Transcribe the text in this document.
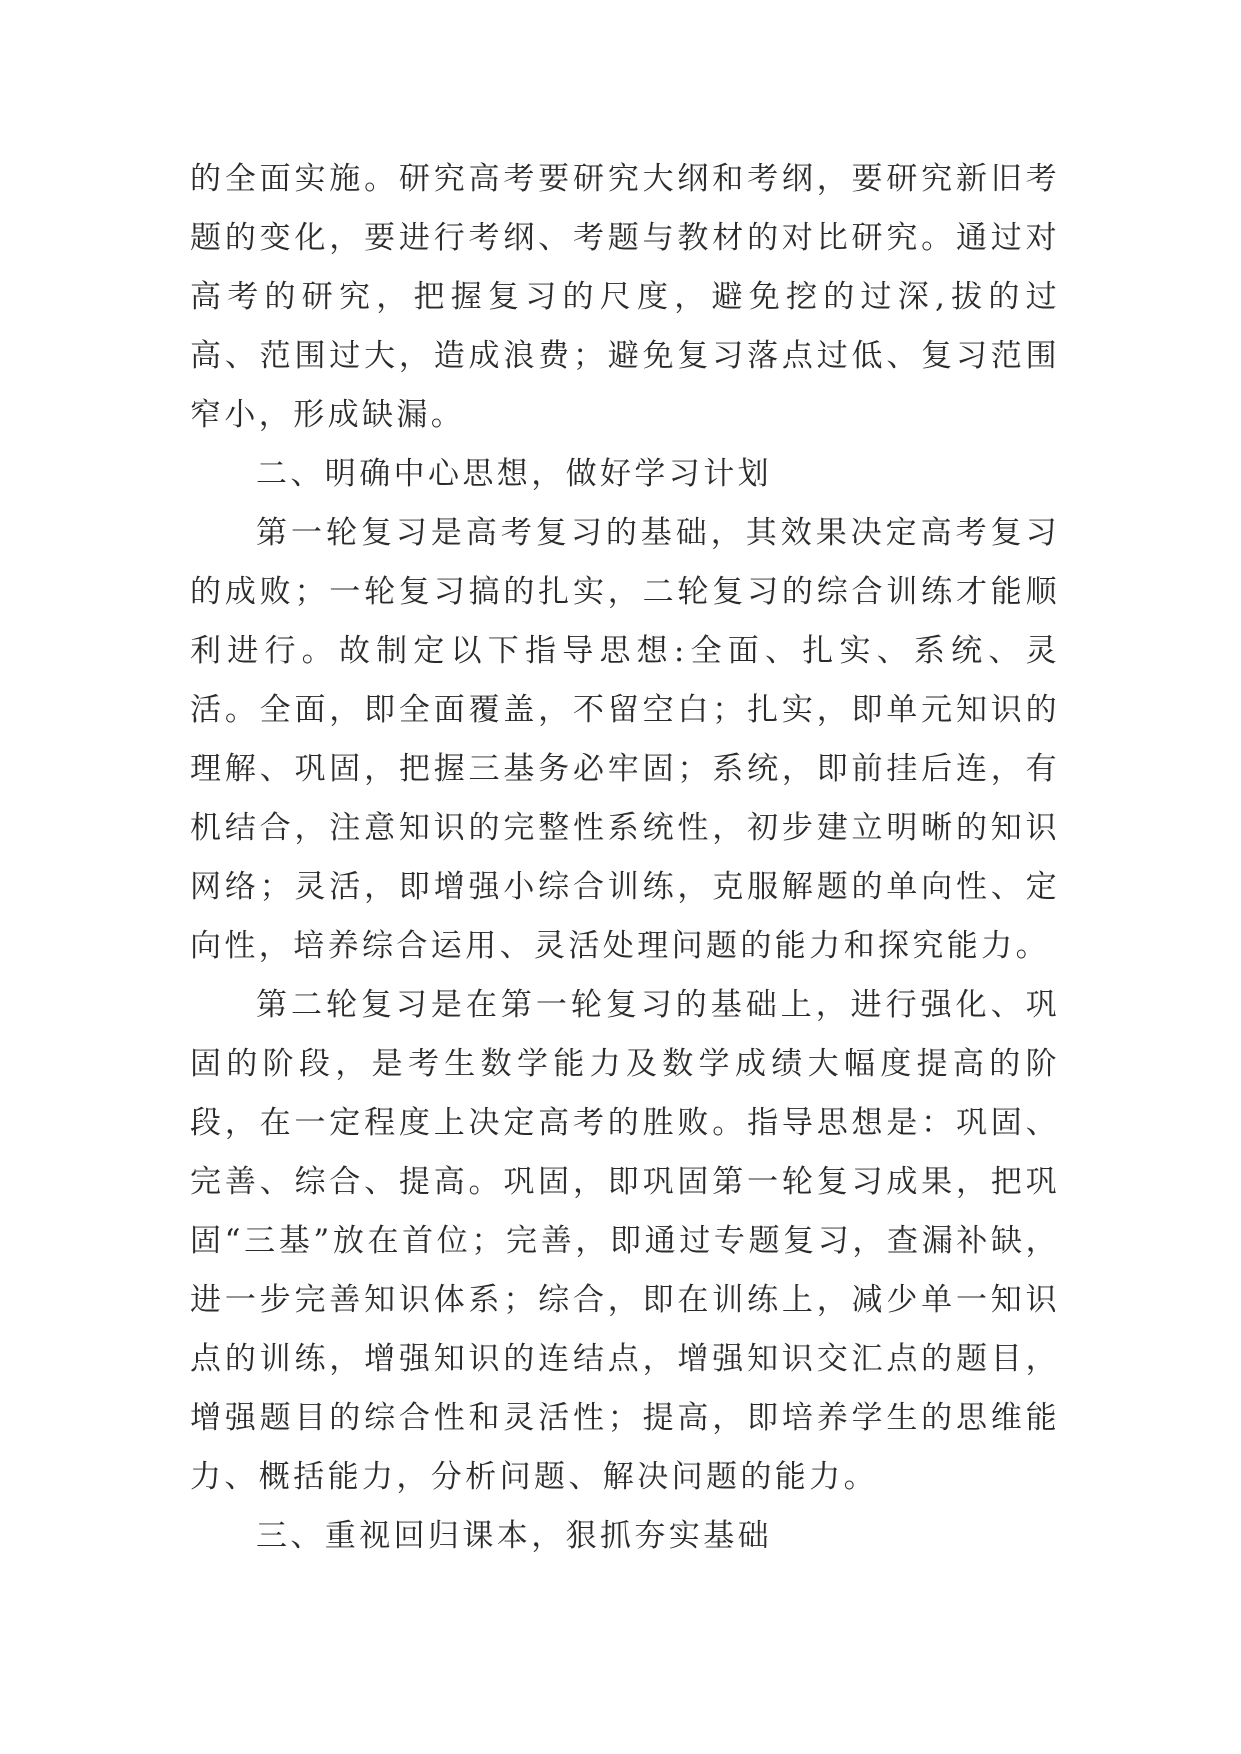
的全面实施。研究高考要研究大纲和考纲，要研究新旧考题的变化，要进行考纲、考题与教材的对比研究。通过对高考的研究，把握复习的尺度，避免挖的过深,拔的过高、范围过大，造成浪费；避免复习落点过低、复习范围窄小，形成缺漏。

二、明确中心思想，做好学习计划

第一轮复习是高考复习的基础，其效果决定高考复习的成败；一轮复习搞的扎实，二轮复习的综合训练才能顺利进行。故制定以下指导思想:全面、扎实、系统、灵活。全面，即全面覆盖，不留空白；扎实，即单元知识的理解、巩固，把握三基务必牢固；系统，即前挂后连，有机结合，注意知识的完整性系统性，初步建立明晰的知识网络；灵活，即增强小综合训练，克服解题的单向性、定向性，培养综合运用、灵活处理问题的能力和探究能力。

第二轮复习是在第一轮复习的基础上，进行强化、巩固的阶段，是考生数学能力及数学成绩大幅度提高的阶段，在一定程度上决定高考的胜败。指导思想是：巩固、完善、综合、提高。巩固，即巩固第一轮复习成果，把巩固“三基”放在首位；完善，即通过专题复习，查漏补缺，进一步完善知识体系；综合，即在训练上，减少单一知识点的训练，增强知识的连结点，增强知识交汇点的题目，增强题目的综合性和灵活性；提高，即培养学生的思维能力、概括能力，分析问题、解决问题的能力。

三、重视回归课本，狠抓夯实基础
